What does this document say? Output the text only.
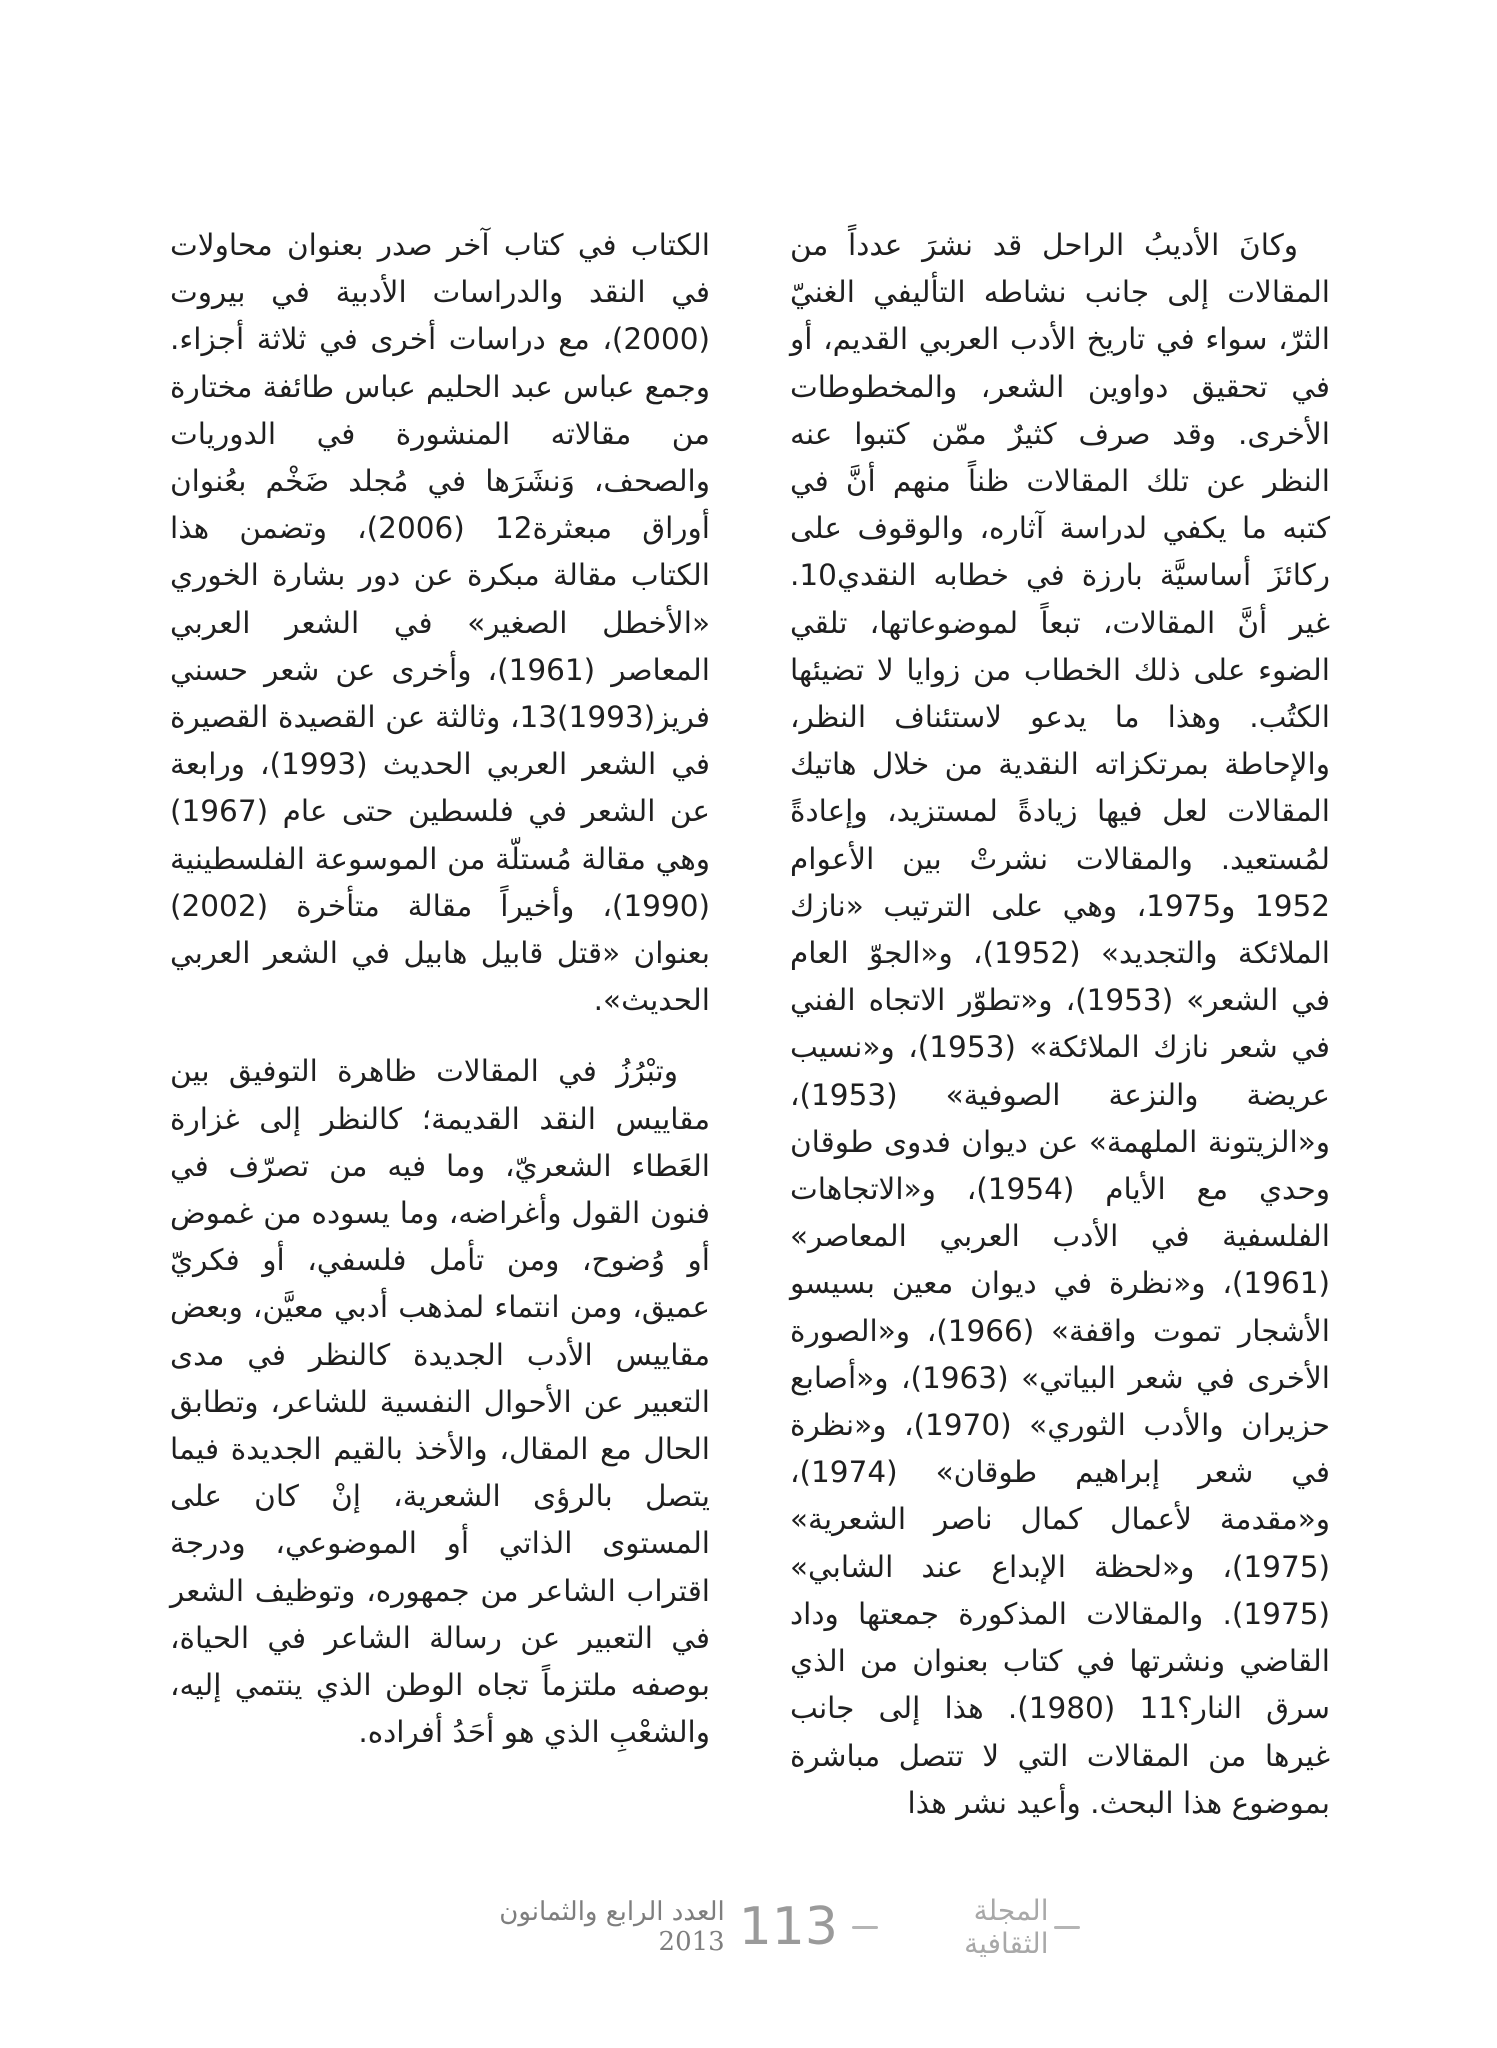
وكانَ الأديبُ الراحل قد نشرَ عدداً من المقالات إلى جانب نشاطه التأليفي الغنيّ الثرّ، سواء في تاريخ الأدب العربي القديم، أو في تحقيق دواوين الشعر، والمخطوطات الأخرى. وقد صرف كثيرٌ ممّن كتبوا عنه النظر عن تلك المقالات ظناً منهم أنَّ في كتبه ما يكفي لدراسة آثاره، والوقوف على ركائزَ أساسيَّة بارزة في خطابه النقدي10. غير أنَّ المقالات، تبعاً لموضوعاتها، تلقي الضوء على ذلك الخطاب من زوايا لا تضيئها الكتُب. وهذا ما يدعو لاستئناف النظر، والإحاطة بمرتكزاته النقدية من خلال هاتيك المقالات لعل فيها زيادةً لمستزيد، وإعادةً لمُستعيد. والمقالات نشرتْ بين الأعوام 1952 و1975، وهي على الترتيب «نازك الملائكة والتجديد» (1952)، و«الجوّ العام في الشعر» (1953)، و«تطوّر الاتجاه الفني في شعر نازك الملائكة» (1953)، و«نسيب عريضة والنزعة الصوفية» (1953)، و«الزيتونة الملهمة» عن ديوان فدوى طوقان وحدي مع الأيام (1954)، و«الاتجاهات الفلسفية في الأدب العربي المعاصر» (1961)، و«نظرة في ديوان معين بسيسو الأشجار تموت واقفة» (1966)، و«الصورة الأخرى في شعر البياتي» (1963)، و«أصابع حزيران والأدب الثوري» (1970)، و«نظرة في شعر إبراهيم طوقان» (1974)، و«مقدمة لأعمال كمال ناصر الشعرية» (1975)، و«لحظة الإبداع عند الشابي» (1975). والمقالات المذكورة جمعتها وداد القاضي ونشرتها في كتاب بعنوان من الذي سرق النار؟11 (1980). هذا إلى جانب غيرها من المقالات التي لا تتصل مباشرة بموضوع هذا البحث. وأعيد نشر هذا

الكتاب في كتاب آخر صدر بعنوان محاولات في النقد والدراسات الأدبية في بيروت (2000)، مع دراسات أخرى في ثلاثة أجزاء. وجمع عباس عبد الحليم عباس طائفة مختارة من مقالاته المنشورة في الدوريات والصحف، وَنشَرَها في مُجلد ضَخْم بعُنوان أوراق مبعثرة12 (2006)، وتضمن هذا الكتاب مقالة مبكرة عن دور بشارة الخوري «الأخطل الصغير» في الشعر العربي المعاصر (1961)، وأخرى عن شعر حسني فريز(1993)13، وثالثة عن القصيدة القصيرة في الشعر العربي الحديث (1993)، ورابعة عن الشعر في فلسطين حتى عام (1967) وهي مقالة مُستلّة من الموسوعة الفلسطينية (1990)، وأخيراً مقالة متأخرة (2002) بعنوان «قتل قابيل هابيل في الشعر العربي الحديث».

وتبْرُزُ في المقالات ظاهرة التوفيق بين مقاييس النقد القديمة؛ كالنظر إلى غزارة العَطاء الشعريّ، وما فيه من تصرّف في فنون القول وأغراضه، وما يسوده من غموض أو وُضوح، ومن تأمل فلسفي، أو فكريّ عميق، ومن انتماء لمذهب أدبي معيَّن، وبعض مقاييس الأدب الجديدة كالنظر في مدى التعبير عن الأحوال النفسية للشاعر، وتطابق الحال مع المقال، والأخذ بالقيم الجديدة فيما يتصل بالرؤى الشعرية، إنْ كان على المستوى الذاتي أو الموضوعي، ودرجة اقتراب الشاعر من جمهوره، وتوظيف الشعر في التعبير عن رسالة الشاعر في الحياة، بوصفه ملتزماً تجاه الوطن الذي ينتمي إليه، والشعْبِ الذي هو أحَدُ أفراده.

العدد الرابع والثمانون 2013 113	المجلة الثقافية
